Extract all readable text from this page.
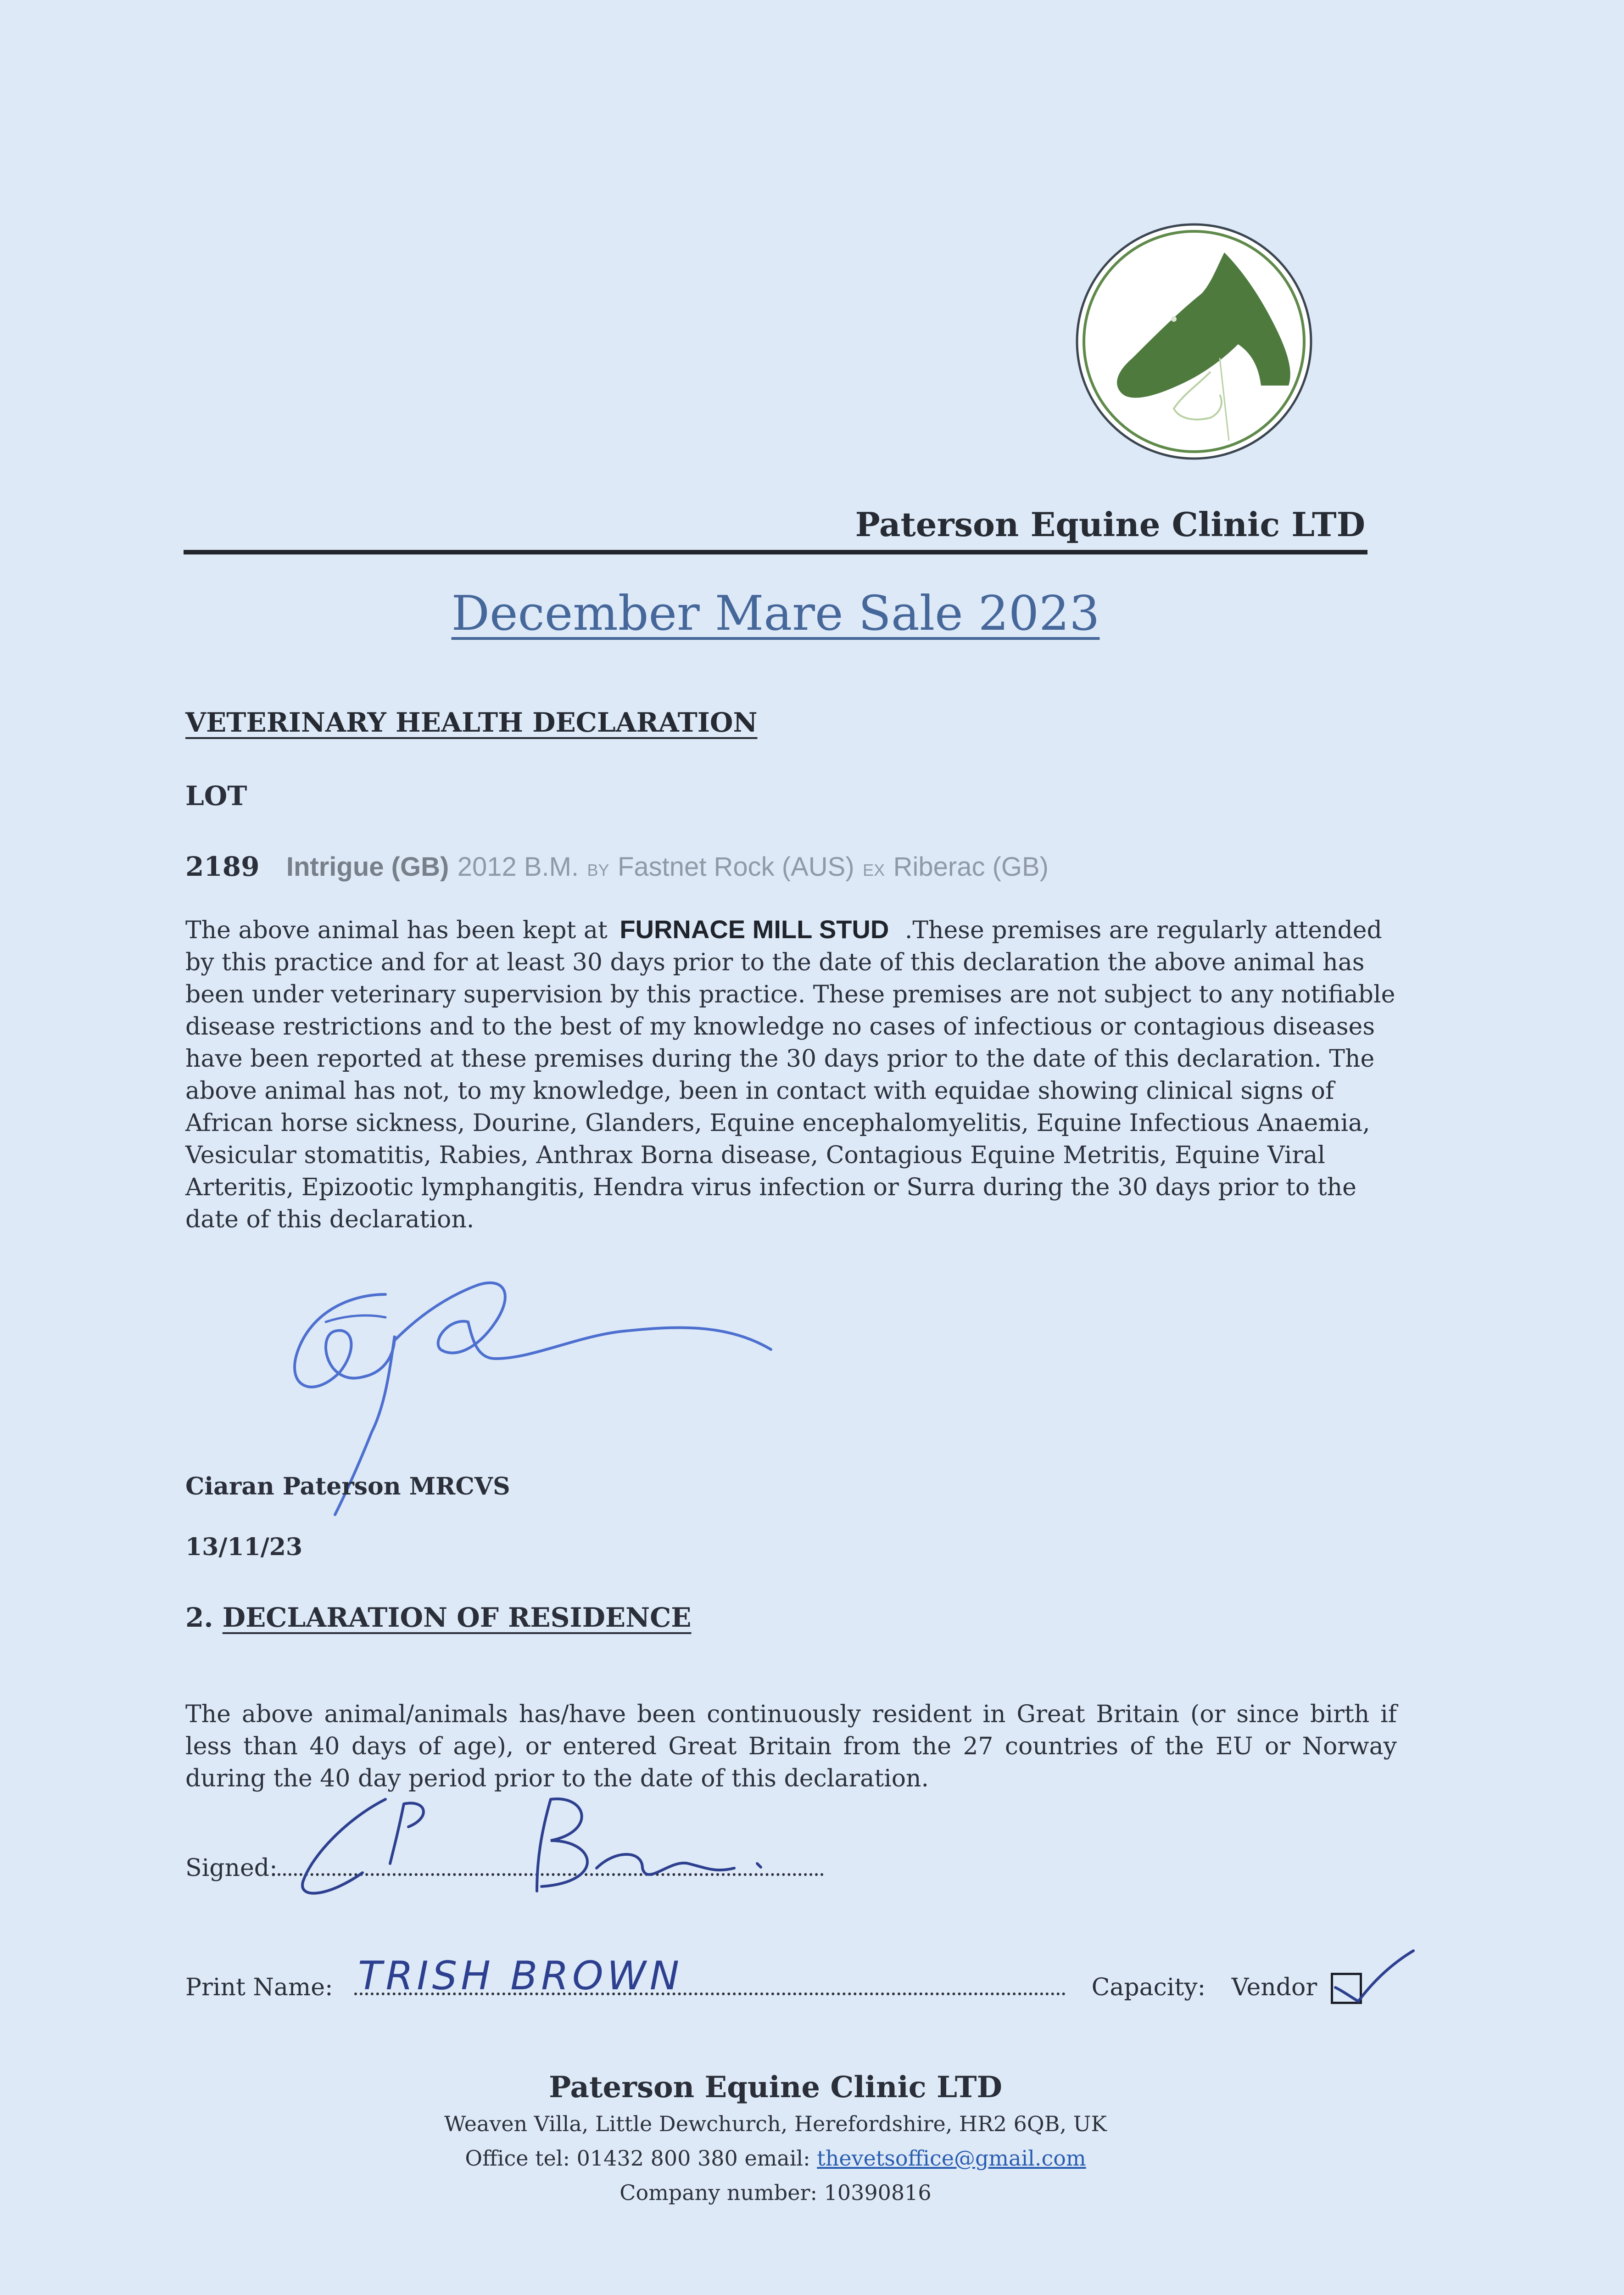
Paterson Equine Clinic LTD
December Mare Sale 2023
VETERINARY HEALTH DECLARATION
LOT
2189 Intrigue (GB) 2012 B.M. BY Fastnet Rock (AUS) EX Riberac (GB)
The above animal has been kept at FURNACE MILL STUD .These premises are regularly attended by this practice and for at least 30 days prior to the date of this declaration the above animal has been under veterinary supervision by this practice. These premises are not subject to any notifiable disease restrictions and to the best of my knowledge no cases of infectious or contagious diseases have been reported at these premises during the 30 days prior to the date of this declaration. The above animal has not, to my knowledge, been in contact with equidae showing clinical signs of African horse sickness, Dourine, Glanders, Equine encephalomyelitis, Equine Infectious Anaemia, Vesicular stomatitis, Rabies, Anthrax Borna disease, Contagious Equine Metritis, Equine Viral Arteritis, Epizootic lymphangitis, Hendra virus infection or Surra during the 30 days prior to the date of this declaration.
Ciaran Paterson MRCVS
13/11/23
2. DECLARATION OF RESIDENCE
The above animal/animals has/have been continuously resident in Great Britain (or since birth if less than 40 days of age), or entered Great Britain from the 27 countries of the EU or Norway during the 40 day period prior to the date of this declaration.
Signed:
Print Name:	Capacity: Vendor
TRISH BROWN
Paterson Equine Clinic LTD
Weaven Villa, Little Dewchurch, Herefordshire, HR2 6QB, UK
Office tel: 01432 800 380 email: thevetsoffice@gmail.com
Company number: 10390816
